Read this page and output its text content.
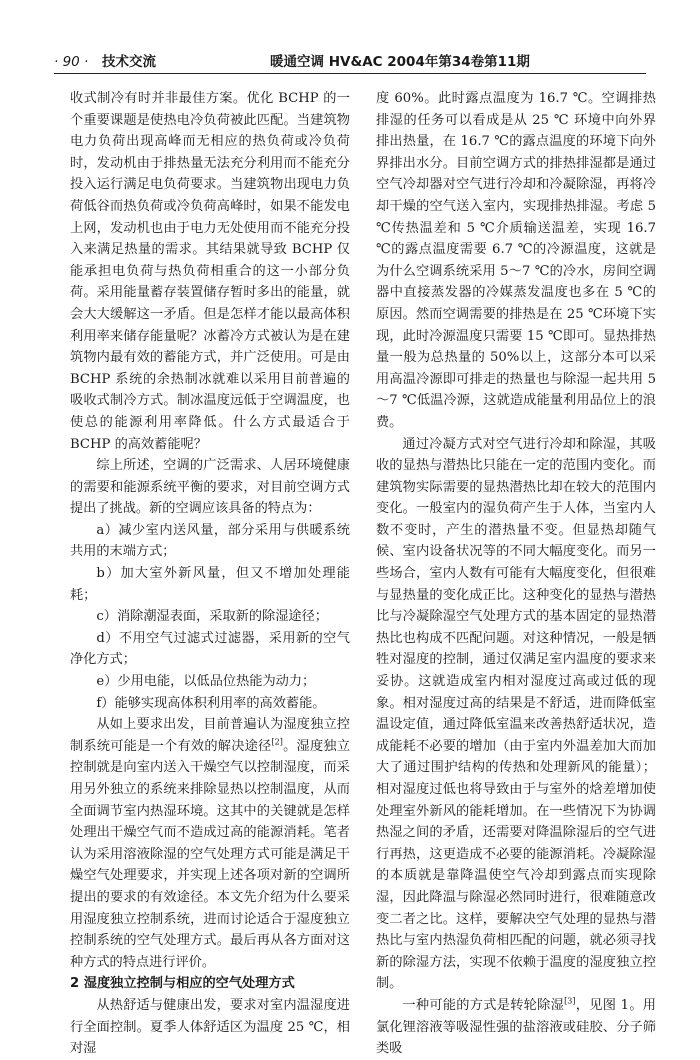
· 90 ·	技术交流	暖通空调 HV&AC 2004年第34卷第11期

收式制冷有时并非最佳方案。优化 BCHP 的一个重要课题是使热电冷负荷被此匹配。当建筑物电力负荷出现高峰而无相应的热负荷或冷负荷时，发动机由于排热量无法充分利用而不能充分投入运行满足电负荷要求。当建筑物出现电力负荷低谷而热负荷或冷负荷高峰时，如果不能发电上网，发动机也由于电力无处使用而不能充分投入来满足热量的需求。其结果就导致 BCHP 仅能承担电负荷与热负荷相重合的这一小部分负荷。采用能量蓄存装置储存暂时多出的能量，就会大大缓解这一矛盾。但是怎样才能以最高体积利用率来储存能量呢？冰蓄冷方式被认为是在建筑物内最有效的蓄能方式，并广泛使用。可是由 BCHP 系统的余热制冰就难以采用目前普遍的吸收式制冷方式。制冰温度远低于空调温度，也使总的能源利用率降低。什么方式最适合于 BCHP 的高效蓄能呢？

综上所述，空调的广泛需求、人居环境健康的需要和能源系统平衡的要求，对目前空调方式提出了挑战。新的空调应该具备的特点为：

a）减少室内送风量，部分采用与供暖系统共用的末端方式；

b）加大室外新风量，但又不增加处理能耗；

c）消除潮湿表面，采取新的除湿途径；

d）不用空气过滤式过滤器，采用新的空气净化方式；

e）少用电能，以低品位热能为动力；

f）能够实现高体积利用率的高效蓄能。

从如上要求出发，目前普遍认为湿度独立控制系统可能是一个有效的解决途径[2]。湿度独立控制就是向室内送入干燥空气以控制湿度，而采用另外独立的系统来排除显热以控制温度，从而全面调节室内热湿环境。这其中的关键就是怎样处理出干燥空气而不造成过高的能源消耗。笔者认为采用溶液除湿的空气处理方式可能是满足干燥空气处理要求，并实现上述各项对新的空调所提出的要求的有效途径。本文先介绍为什么要采用湿度独立控制系统，进而讨论适合于湿度独立控制系统的空气处理方式。最后再从各方面对这种方式的特点进行评价。

2 湿度独立控制与相应的空气处理方式

从热舒适与健康出发，要求对室内温湿度进行全面控制。夏季人体舒适区为温度 25 ℃，相对湿

度 60%。此时露点温度为 16.7 ℃。空调排热排湿的任务可以看成是从 25 ℃ 环境中向外界排出热量，在 16.7 ℃的露点温度的环境下向外界排出水分。目前空调方式的排热排湿都是通过空气冷却器对空气进行冷却和冷凝除湿，再将冷却干燥的空气送入室内，实现排热排湿。考虑 5 ℃传热温差和 5 ℃介质输送温差，实现 16.7 ℃的露点温度需要 6.7 ℃的冷源温度，这就是为什么空调系统采用 5～7 ℃的冷水，房间空调器中直接蒸发器的冷媒蒸发温度也多在 5 ℃的原因。然而空调需要的排热是在 25 ℃环境下实现，此时冷源温度只需要 15 ℃即可。显热排热量一般为总热量的 50%以上，这部分本可以采用高温冷源即可排走的热量也与除湿一起共用 5～7 ℃低温冷源，这就造成能量利用品位上的浪费。

通过冷凝方式对空气进行冷却和除湿，其吸收的显热与潜热比只能在一定的范围内变化。而建筑物实际需要的显热潜热比却在较大的范围内变化。一般室内的湿负荷产生于人体，当室内人数不变时，产生的潜热量不变。但显热却随气候、室内设备状况等的不同大幅度变化。而另一些场合，室内人数有可能有大幅度变化，但很难与显热量的变化成正比。这种变化的显热与潜热比与冷凝除湿空气处理方式的基本固定的显热潜热比也构成不匹配问题。对这种情况，一般是牺牲对湿度的控制，通过仅满足室内温度的要求来妥协。这就造成室内相对湿度过高或过低的现象。相对湿度过高的结果是不舒适，进而降低室温设定值，通过降低室温来改善热舒适状况，造成能耗不必要的增加（由于室内外温差加大而加大了通过围护结构的传热和处理新风的能量）；相对湿度过低也将导致由于与室外的焓差增加使处理室外新风的能耗增加。在一些情况下为协调热湿之间的矛盾，还需要对降温除湿后的空气进行再热，这更造成不必要的能源消耗。冷凝除湿的本质就是靠降温使空气冷却到露点而实现除湿，因此降温与除湿必然同时进行，很难随意改变二者之比。这样，要解决空气处理的显热与潜热比与室内热湿负荷相匹配的问题，就必须寻找新的除湿方法，实现不依赖于温度的湿度独立控制。

一种可能的方式是转轮除湿[3]，见图 1。用氯化锂溶液等吸湿性强的盐溶液或硅胶、分子筛类吸
